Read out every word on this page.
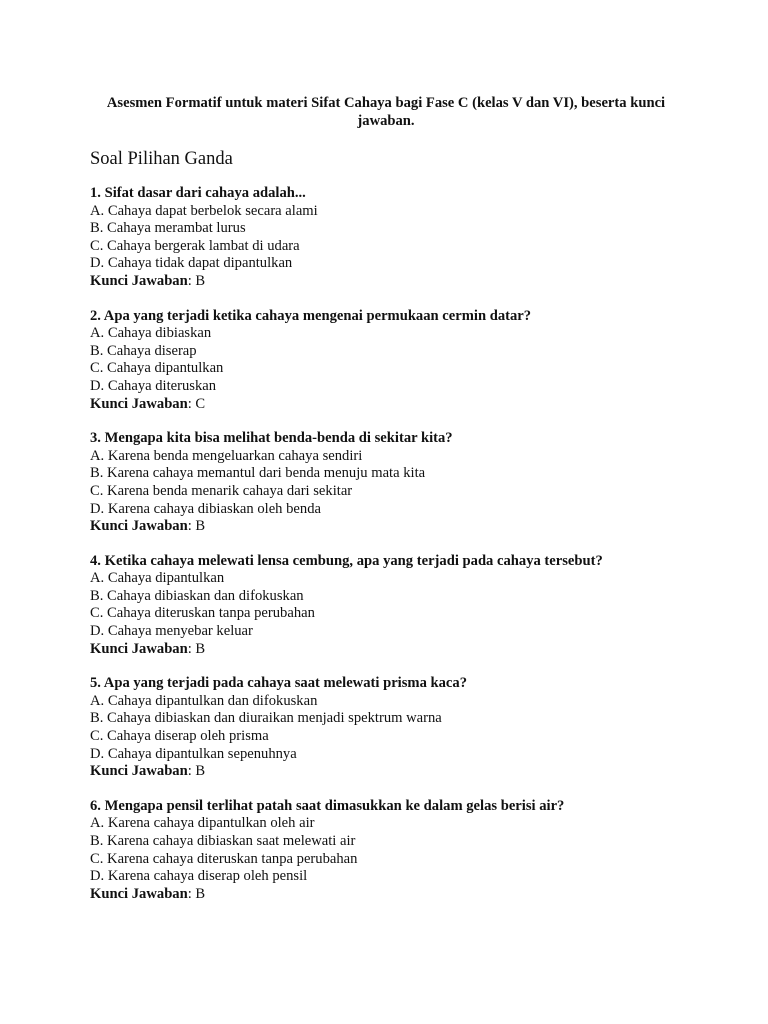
Asesmen Formatif untuk materi Sifat Cahaya bagi Fase C (kelas V dan VI), beserta kunci
jawaban.

Soal Pilihan Ganda
1. Sifat dasar dari cahaya adalah...
A. Cahaya dapat berbelok secara alami
B. Cahaya merambat lurus
C. Cahaya bergerak lambat di udara
D. Cahaya tidak dapat dipantulkan
Kunci Jawaban: B
2. Apa yang terjadi ketika cahaya mengenai permukaan cermin datar?
A. Cahaya dibiaskan
B. Cahaya diserap
C. Cahaya dipantulkan
D. Cahaya diteruskan
Kunci Jawaban: C
3. Mengapa kita bisa melihat benda-benda di sekitar kita?
A. Karena benda mengeluarkan cahaya sendiri
B. Karena cahaya memantul dari benda menuju mata kita
C. Karena benda menarik cahaya dari sekitar
D. Karena cahaya dibiaskan oleh benda
Kunci Jawaban: B
4. Ketika cahaya melewati lensa cembung, apa yang terjadi pada cahaya tersebut?
A. Cahaya dipantulkan
B. Cahaya dibiaskan dan difokuskan
C. Cahaya diteruskan tanpa perubahan
D. Cahaya menyebar keluar
Kunci Jawaban: B
5. Apa yang terjadi pada cahaya saat melewati prisma kaca?
A. Cahaya dipantulkan dan difokuskan
B. Cahaya dibiaskan dan diuraikan menjadi spektrum warna
C. Cahaya diserap oleh prisma
D. Cahaya dipantulkan sepenuhnya
Kunci Jawaban: B
6. Mengapa pensil terlihat patah saat dimasukkan ke dalam gelas berisi air?
A. Karena cahaya dipantulkan oleh air
B. Karena cahaya dibiaskan saat melewati air
C. Karena cahaya diteruskan tanpa perubahan
D. Karena cahaya diserap oleh pensil
Kunci Jawaban: B
